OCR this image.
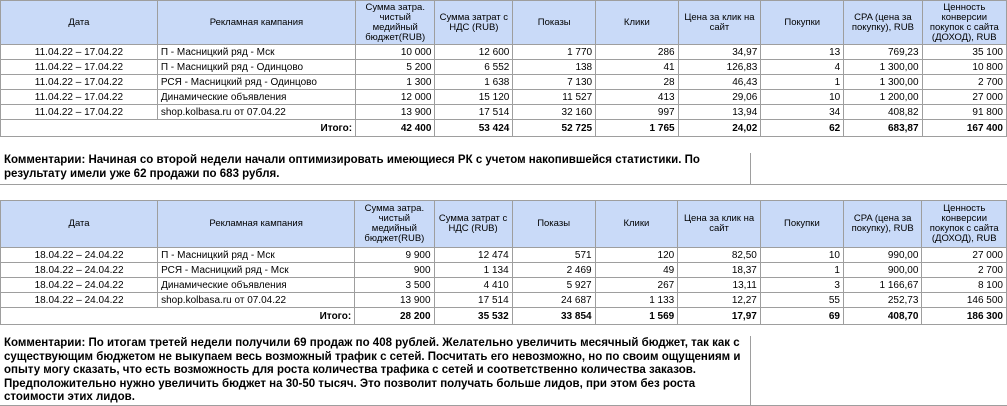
Дата	Рекламная кампания	Сумма затра. чистый медийный бюджет(RUB)	Сумма затрат с НДС (RUB)	Показы	Клики	Цена за клик на сайт	Покупки	CPA (цена за покупку), RUB	Ценность конверсии покупок с сайта (ДОХОД), RUB
11.04.22 – 17.04.22	П - Масницкий ряд - Мск	10 000	12 600	1 770	286	34,97	13	769,23	35 100
11.04.22 – 17.04.22	П - Масницкий ряд - Одинцово	5 200	6 552	138	41	126,83	4	1 300,00	10 800
11.04.22 – 17.04.22	РСЯ - Масницкий ряд - Одинцово	1 300	1 638	7 130	28	46,43	1	1 300,00	2 700
11.04.22 – 17.04.22	Динамические объявления	12 000	15 120	11 527	413	29,06	10	1 200,00	27 000
11.04.22 – 17.04.22	shop.kolbasa.ru от 07.04.22	13 900	17 514	32 160	997	13,94	34	408,82	91 800
Итого:		42 400	53 424	52 725	1 765	24,02	62	683,87	167 400
Комментарии: Начиная со второй недели начали оптимизировать имеющиеся РК с учетом накопившейся статистики. По результату имели уже 62 продажи по 683 рубля.
Дата	Рекламная кампания	Сумма затра. чистый медийный бюджет(RUB)	Сумма затрат с НДС (RUB)	Показы	Клики	Цена за клик на сайт	Покупки	CPA (цена за покупку), RUB	Ценность конверсии покупок с сайта (ДОХОД), RUB
18.04.22 – 24.04.22	П - Масницкий ряд - Мск	9 900	12 474	571	120	82,50	10	990,00	27 000
18.04.22 – 24.04.22	РСЯ - Масницкий ряд - Мск	900	1 134	2 469	49	18,37	1	900,00	2 700
18.04.22 – 24.04.22	Динамические объявления	3 500	4 410	5 927	267	13,11	3	1 166,67	8 100
18.04.22 – 24.04.22	shop.kolbasa.ru от 07.04.22	13 900	17 514	24 687	1 133	12,27	55	252,73	146 500
Итого:		28 200	35 532	33 854	1 569	17,97	69	408,70	186 300
Комментарии: По итогам третей недели получили 69 продаж по 408 рублей. Желательно увеличить месячный бюджет, так как с существующим бюджетом не выкупаем весь возможный трафик с сетей. Посчитать его невозможно, но по своим ощущениям и опыту могу сказать, что есть возможность для роста количества трафика с сетей и соответственно количества заказов. Предположительно нужно увеличить бюджет на 30-50 тысяч. Это позволит получать больше лидов, при этом без роста стоимости этих лидов.
